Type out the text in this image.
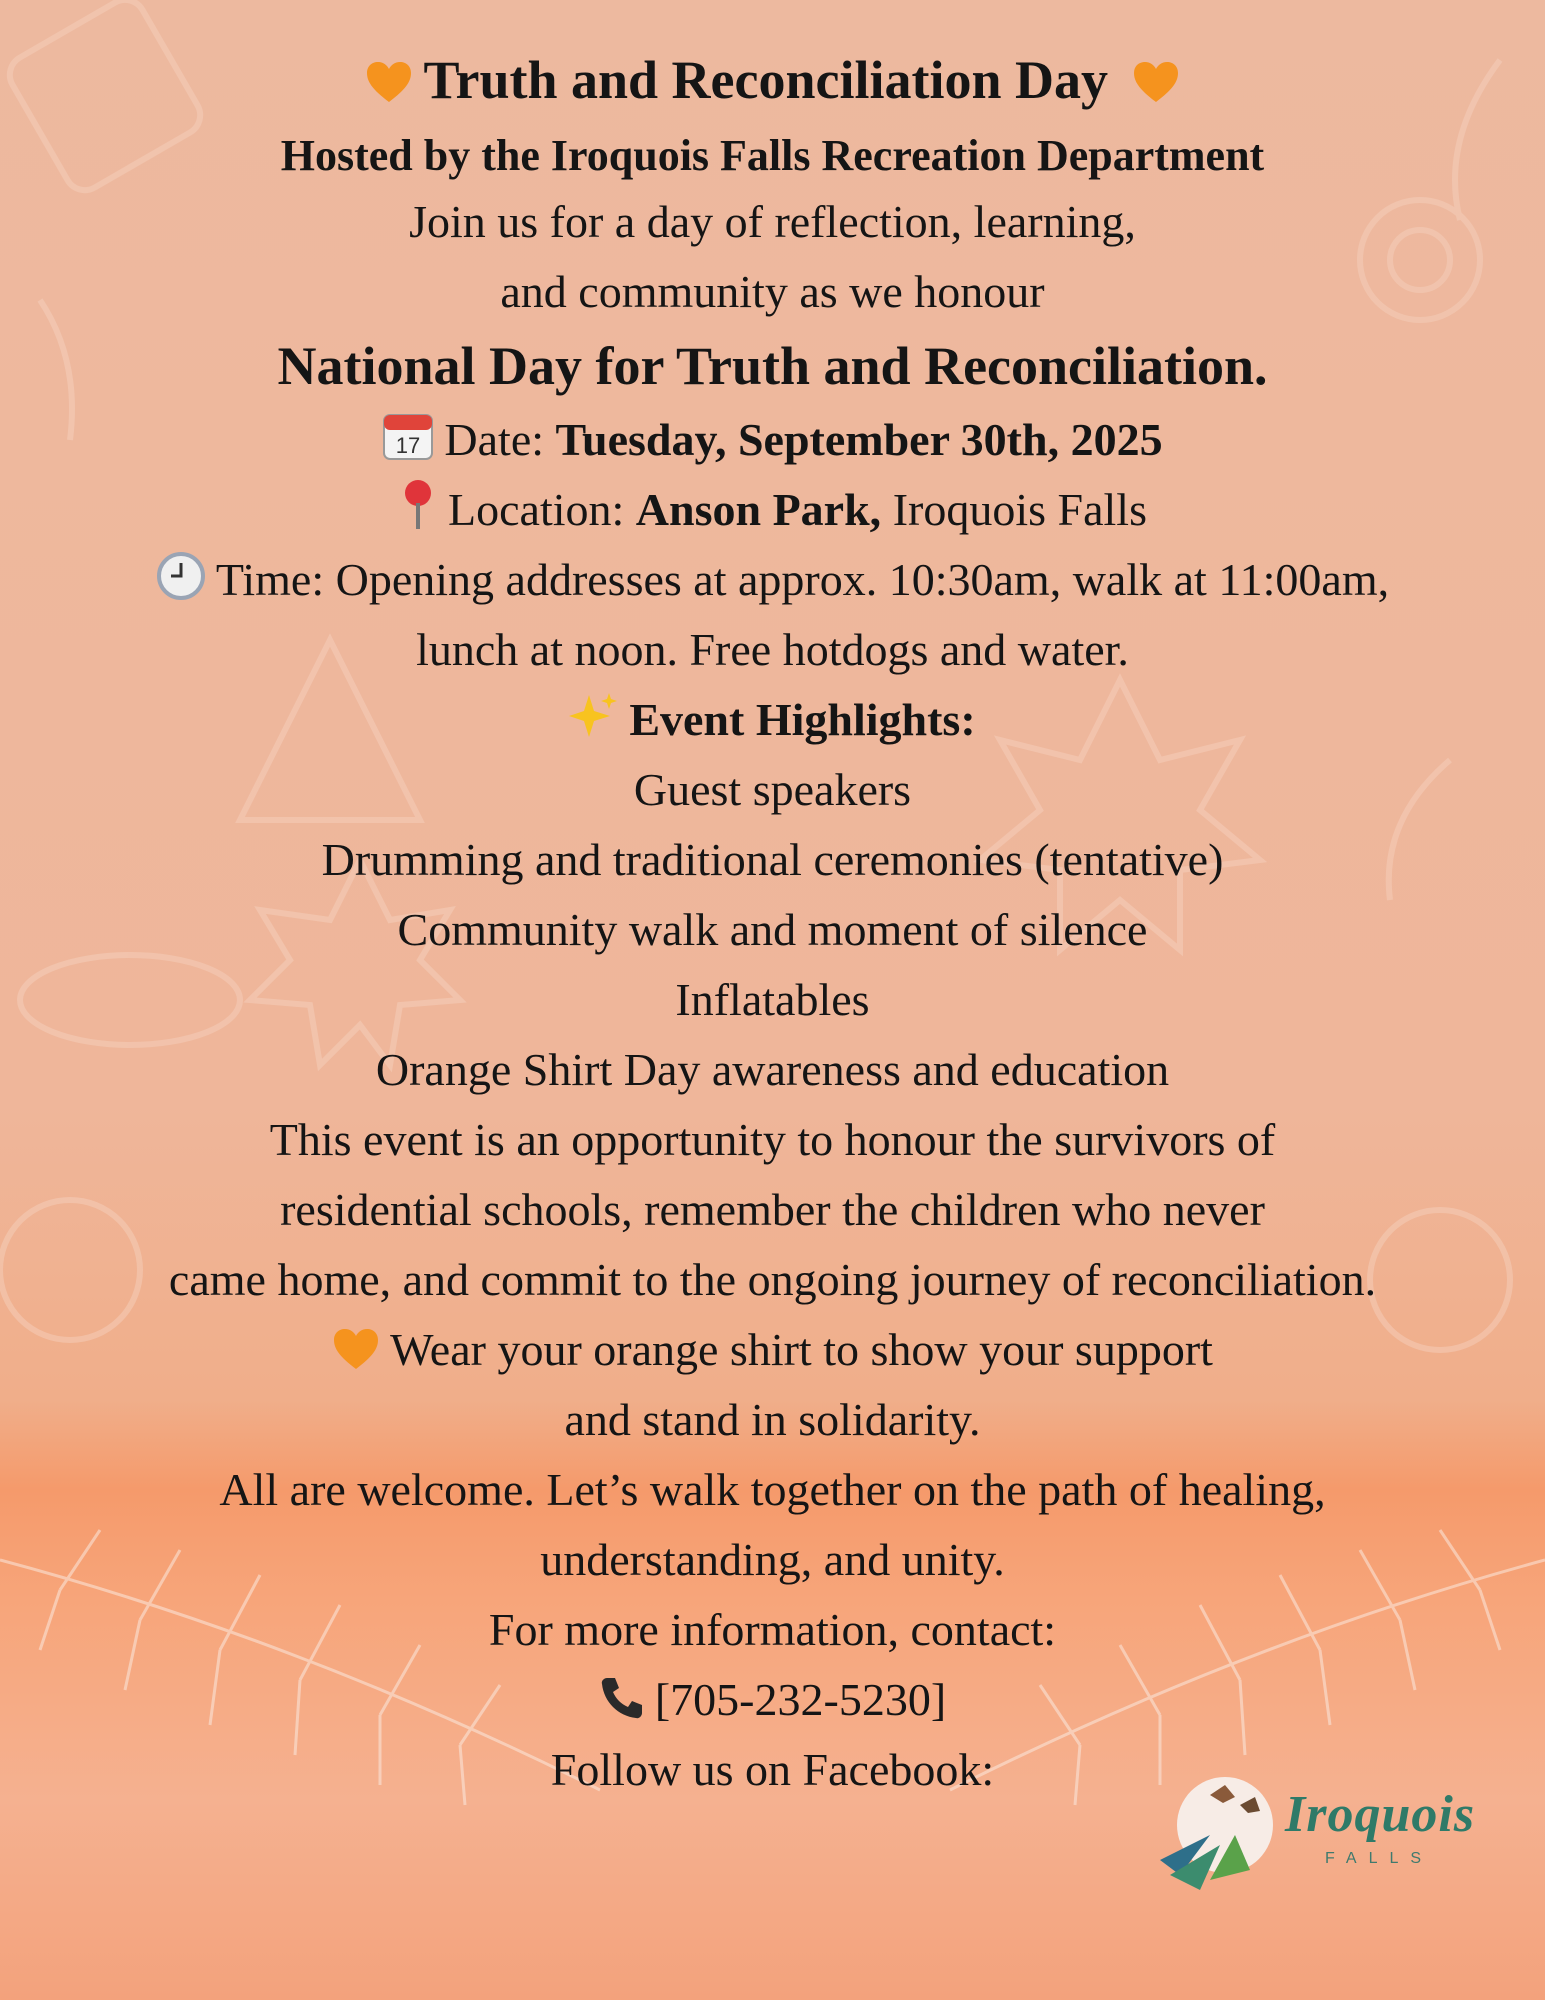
Truth and Reconciliation Day

Hosted by the Iroquois Falls Recreation Department

Join us for a day of reflection, learning,

and community as we honour

National Day for Truth and Reconciliation.

17 Date: Tuesday, September 30th, 2025

Location: Anson Park, Iroquois Falls

Time: Opening addresses at approx. 10:30am, walk at 11:00am,

lunch at noon. Free hotdogs and water.

Event Highlights:

Guest speakers

Drumming and traditional ceremonies (tentative)

Community walk and moment of silence

Inflatables

Orange Shirt Day awareness and education

This event is an opportunity to honour the survivors of

residential schools, remember the children who never

came home, and commit to the ongoing journey of reconciliation.

Wear your orange shirt to show your support

and stand in solidarity.

All are welcome. Let’s walk together on the path of healing,

understanding, and unity.

For more information, contact:

[705-232-5230]

Follow us on Facebook:

Iroquois
FALLS
